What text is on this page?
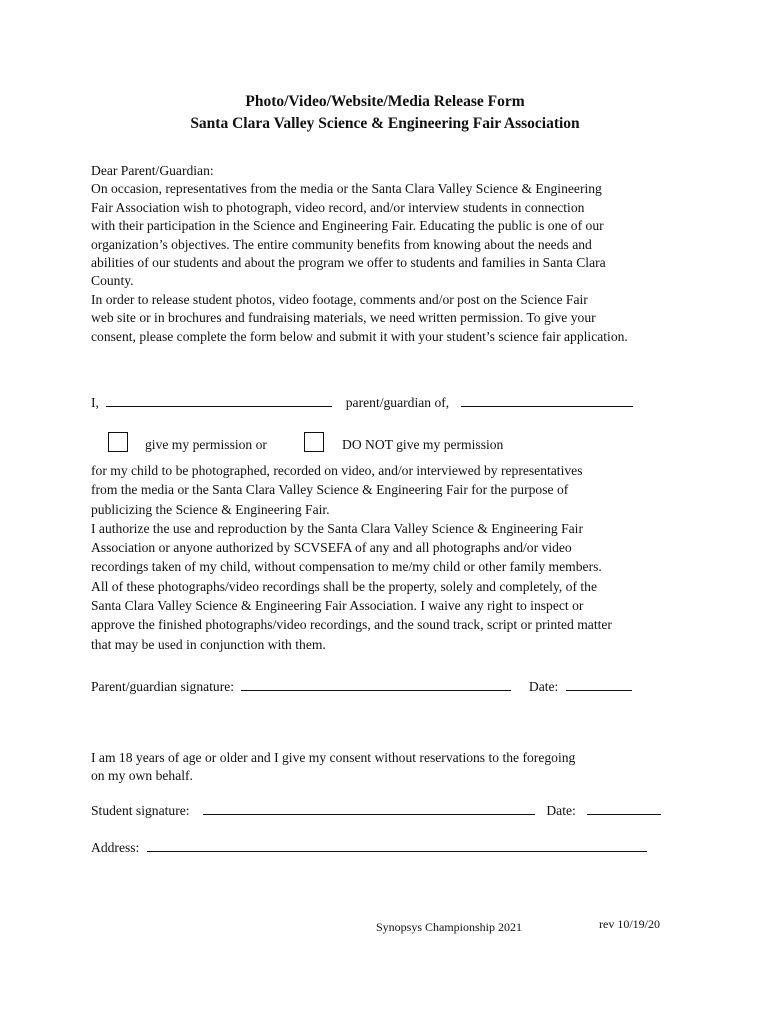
Photo/Video/Website/Media Release Form
Santa Clara Valley Science & Engineering Fair Association
Dear Parent/Guardian:
On occasion, representatives from the media or the Santa Clara Valley Science & Engineering
Fair Association wish to photograph, video record, and/or interview students in connection
with their participation in the Science and Engineering Fair. Educating the public is one of our
organization’s objectives. The entire community benefits from knowing about the needs and
abilities of our students and about the program we offer to students and families in Santa Clara
County.
In order to release student photos, video footage, comments and/or post on the Science Fair
web site or in brochures and fundraising materials, we need written permission. To give your
consent, please complete the form below and submit it with your student’s science fair application.
I,	parent/guardian of,
give my permission or	DO NOT give my permission
for my child to be photographed, recorded on video, and/or interviewed by representatives
from the media or the Santa Clara Valley Science & Engineering Fair for the purpose of
publicizing the Science & Engineering Fair.
I authorize the use and reproduction by the Santa Clara Valley Science & Engineering Fair
Association or anyone authorized by SCVSEFA of any and all photographs and/or video
recordings taken of my child, without compensation to me/my child or other family members.
All of these photographs/video recordings shall be the property, solely and completely, of the
Santa Clara Valley Science & Engineering Fair Association. I waive any right to inspect or
approve the finished photographs/video recordings, and the sound track, script or printed matter
that may be used in conjunction with them.
Parent/guardian signature:	Date:
I am 18 years of age or older and I give my consent without reservations to the foregoing
on my own behalf.
Student signature:	Date:
Address:
Synopsys Championship 2021	rev 10/19/20
